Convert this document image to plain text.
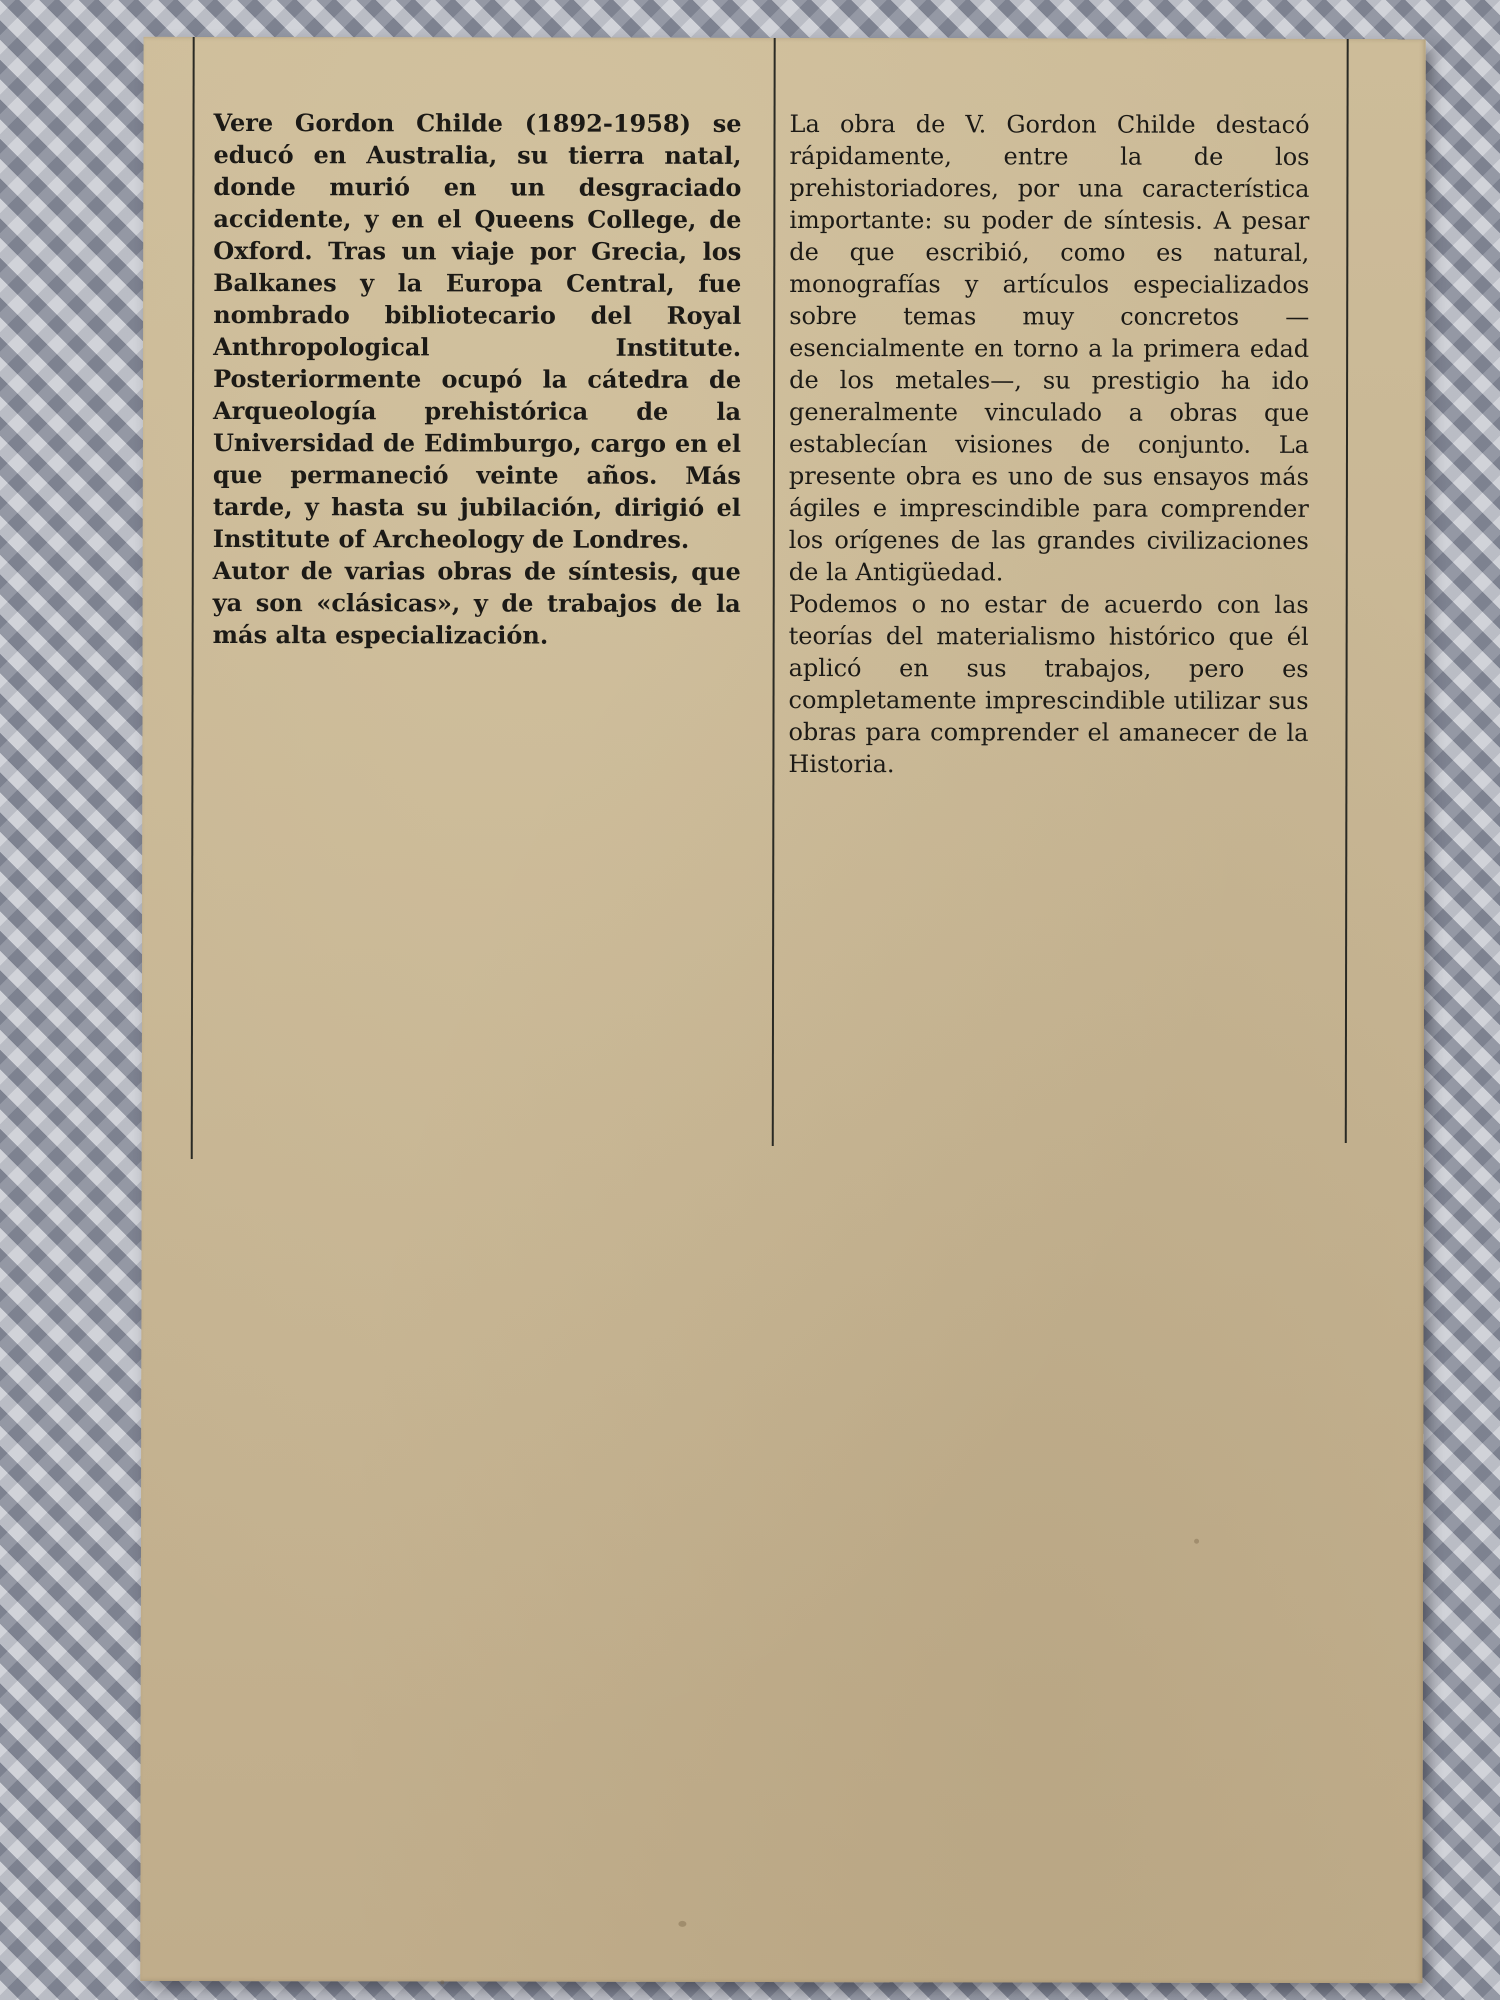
Vere Gordon Childe (1892-1958) se educó en Australia, su tierra natal, donde murió en un desgraciado accidente, y en el Queens College, de Oxford. Tras un viaje por Grecia, los Balkanes y la Europa Central, fue nombrado bibliotecario del Royal Anthropological Institute. Posteriormente ocupó la cátedra de Arqueología prehistórica de la Universidad de Edimburgo, cargo en el que permaneció veinte años. Más tarde, y hasta su jubilación, dirigió el Institute of Archeology de Londres.

Autor de varias obras de síntesis, que ya son «clásicas», y de trabajos de la más alta especialización.

La obra de V. Gordon Childe destacó rápidamente, entre la de los prehistoriadores, por una característica importante: su poder de síntesis. A pesar de que escribió, como es natural, monografías y artículos especializados sobre temas muy concretos —esencialmente en torno a la primera edad de los metales—, su prestigio ha ido generalmente vinculado a obras que establecían visiones de conjunto. La presente obra es uno de sus ensayos más ágiles e imprescindible para comprender los orígenes de las grandes civilizaciones de la Antigüedad.

Podemos o no estar de acuerdo con las teorías del materialismo histórico que él aplicó en sus trabajos, pero es completamente imprescindible utilizar sus obras para comprender el amanecer de la Historia.
